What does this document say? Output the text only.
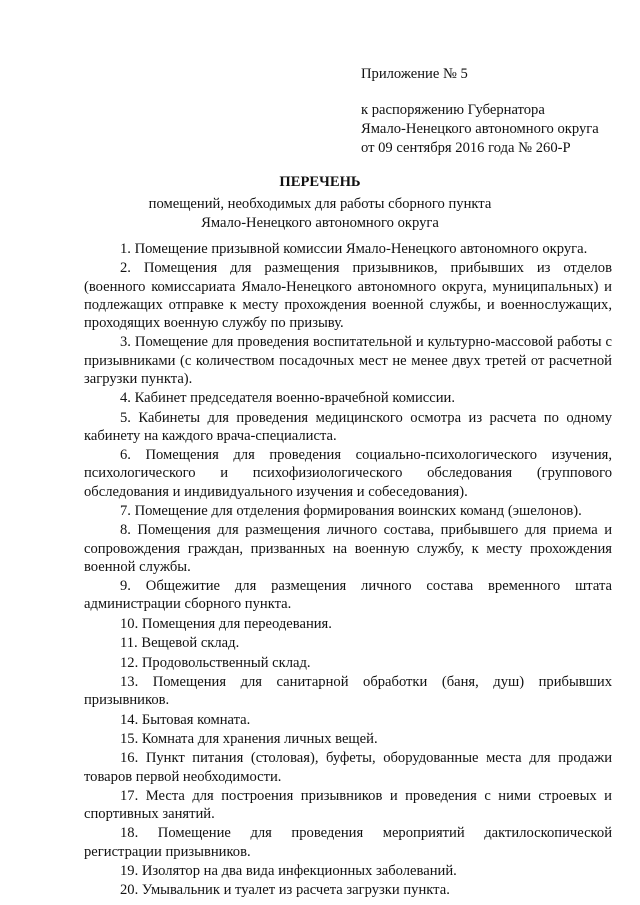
Приложение № 5
к распоряжению Губернатора
Ямало-Ненецкого автономного округа
от 09 сентября 2016 года № 260-Р
ПЕРЕЧЕНЬ
помещений, необходимых для работы сборного пункта
Ямало-Ненецкого автономного округа

1. Помещение призывной комиссии Ямало-Ненецкого автономного округа.

2. Помещения для размещения призывников, прибывших из отделов (военного комиссариата Ямало-Ненецкого автономного округа, муниципальных) и подлежащих отправке к месту прохождения военной службы, и военнослужащих, проходящих военную службу по призыву.

3. Помещение для проведения воспитательной и культурно-массовой работы с призывниками (с количеством посадочных мест не менее двух третей от расчетной загрузки пункта).

4. Кабинет председателя военно-врачебной комиссии.

5. Кабинеты для проведения медицинского осмотра из расчета по одному кабинету на каждого врача-специалиста.

6. Помещения для проведения социально-психологического изучения, психологического и психофизиологического обследования (группового обследования и индивидуального изучения и собеседования).

7. Помещение для отделения формирования воинских команд (эшелонов).

8. Помещения для размещения личного состава, прибывшего для приема и сопровождения граждан, призванных на военную службу, к месту прохождения военной службы.

9. Общежитие для размещения личного состава временного штата администрации сборного пункта.

10. Помещения для переодевания.

11. Вещевой склад.

12. Продовольственный склад.

13. Помещения для санитарной обработки (баня, душ) прибывших призывников.

14. Бытовая комната.

15. Комната для хранения личных вещей.

16. Пункт питания (столовая), буфеты, оборудованные места для продажи товаров первой необходимости.

17. Места для построения призывников и проведения с ними строевых и спортивных занятий.

18. Помещение для проведения мероприятий дактилоскопической регистрации призывников.

19. Изолятор на два вида инфекционных заболеваний.

20. Умывальник и туалет из расчета загрузки пункта.
